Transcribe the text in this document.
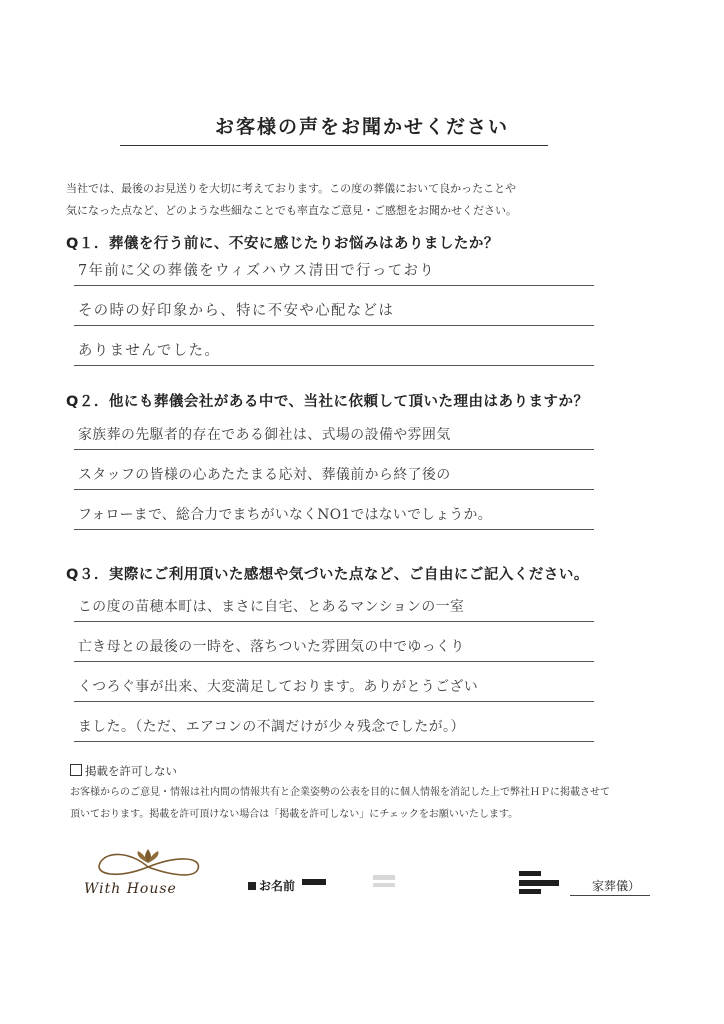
お客様の声をお聞かせください
当社では、最後のお見送りを大切に考えております。この度の葬儀において良かったことや
気になった点など、どのような些細なことでも率直なご意見・ご感想をお聞かせください。
Q１．葬儀を行う前に、不安に感じたりお悩みはありましたか？
7年前に父の葬儀をウィズハウス清田で行っており
その時の好印象から、特に不安や心配などは
ありませんでした。
Q２．他にも葬儀会社がある中で、当社に依頼して頂いた理由はありますか？
家族葬の先駆者的存在である御社は、式場の設備や雰囲気
スタッフの皆様の心あたたまる応対、葬儀前から終了後の
フォローまで、総合力でまちがいなくNO1ではないでしょうか。
Q３．実際にご利用頂いた感想や気づいた点など、ご自由にご記入ください。
この度の苗穂本町は、まさに自宅、とあるマンションの一室
亡き母との最後の一時を、落ちついた雰囲気の中でゆっくり
くつろぐ事が出来、大変満足しております。ありがとうござい
ました。（ただ、エアコンの不調だけが少々残念でしたが。）
掲載を許可しない
お客様からのご意見・情報は社内間の情報共有と企業姿勢の公表を目的に個人情報を消記した上で弊社ＨＰに掲載させて
頂いております。掲載を許可頂けない場合は「掲載を許可しない」にチェックをお願いいたします。
With House	お名前	家葬儀）
